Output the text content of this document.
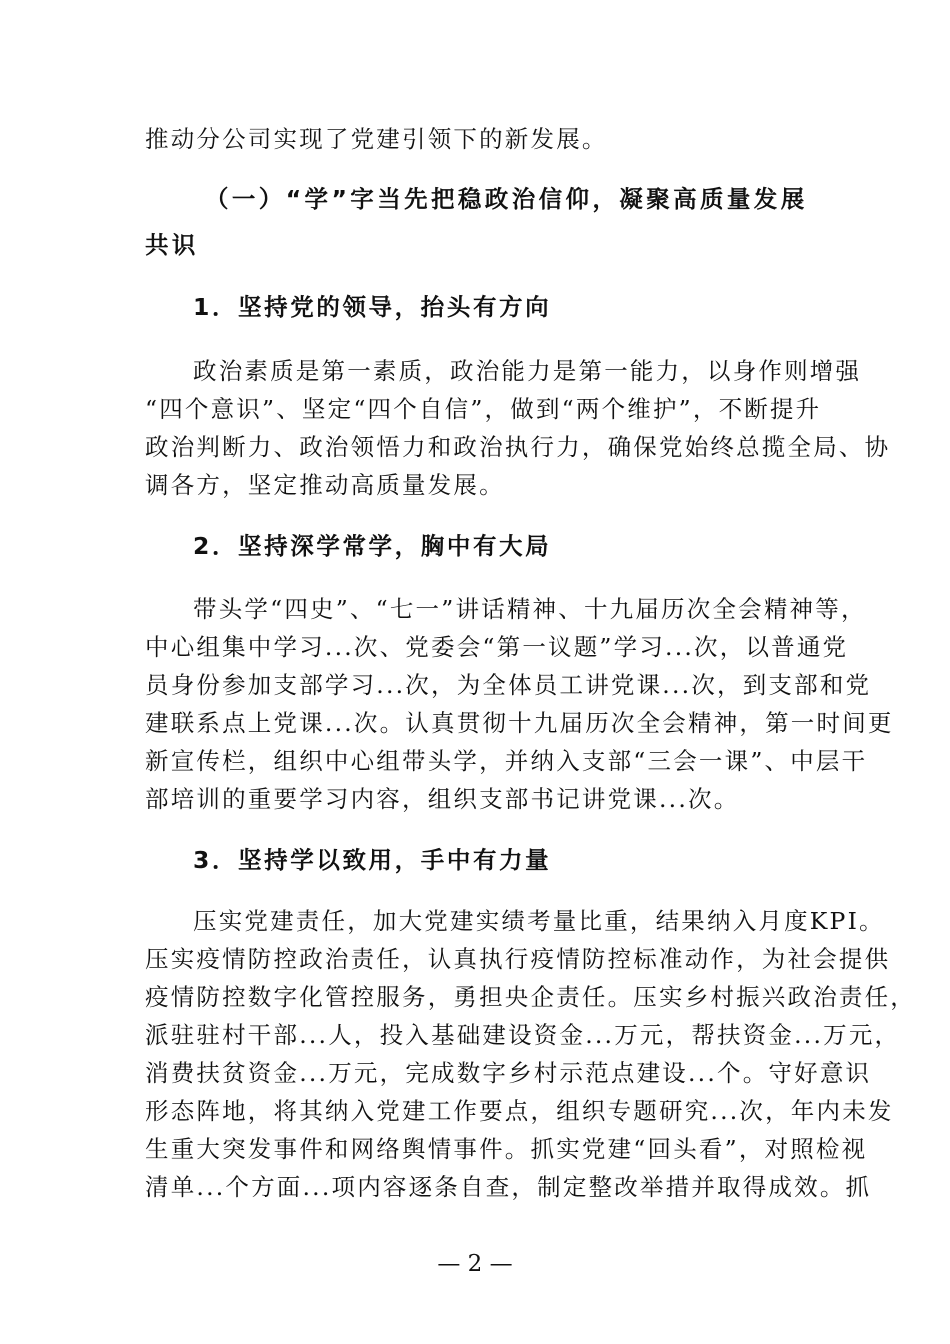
推动分公司实现了党建引领下的新发展。
（一）“学”字当先把稳政治信仰，凝聚高质量发展
共识
1．坚持党的领导，抬头有方向
政治素质是第一素质，政治能力是第一能力，以身作则增强
“四个意识”、坚定“四个自信”，做到“两个维护”，不断提升
政治判断力、政治领悟力和政治执行力，确保党始终总揽全局、协
调各方，坚定推动高质量发展。
2．坚持深学常学，胸中有大局
带头学“四史”、“七一”讲话精神、十九届历次全会精神等，
中心组集中学习...次、党委会“第一议题”学习...次，以普通党
员身份参加支部学习...次，为全体员工讲党课...次，到支部和党
建联系点上党课...次。认真贯彻十九届历次全会精神，第一时间更
新宣传栏，组织中心组带头学，并纳入支部“三会一课”、中层干
部培训的重要学习内容，组织支部书记讲党课...次。
3．坚持学以致用，手中有力量
压实党建责任，加大党建实绩考量比重，结果纳入月度KPI。
压实疫情防控政治责任，认真执行疫情防控标准动作，为社会提供
疫情防控数字化管控服务，勇担央企责任。压实乡村振兴政治责任，
派驻驻村干部...人，投入基础建设资金...万元，帮扶资金...万元，
消费扶贫资金...万元，完成数字乡村示范点建设...个。守好意识
形态阵地，将其纳入党建工作要点，组织专题研究...次，年内未发
生重大突发事件和网络舆情事件。抓实党建“回头看”，对照检视
清单...个方面...项内容逐条自查，制定整改举措并取得成效。抓
— 2 —
